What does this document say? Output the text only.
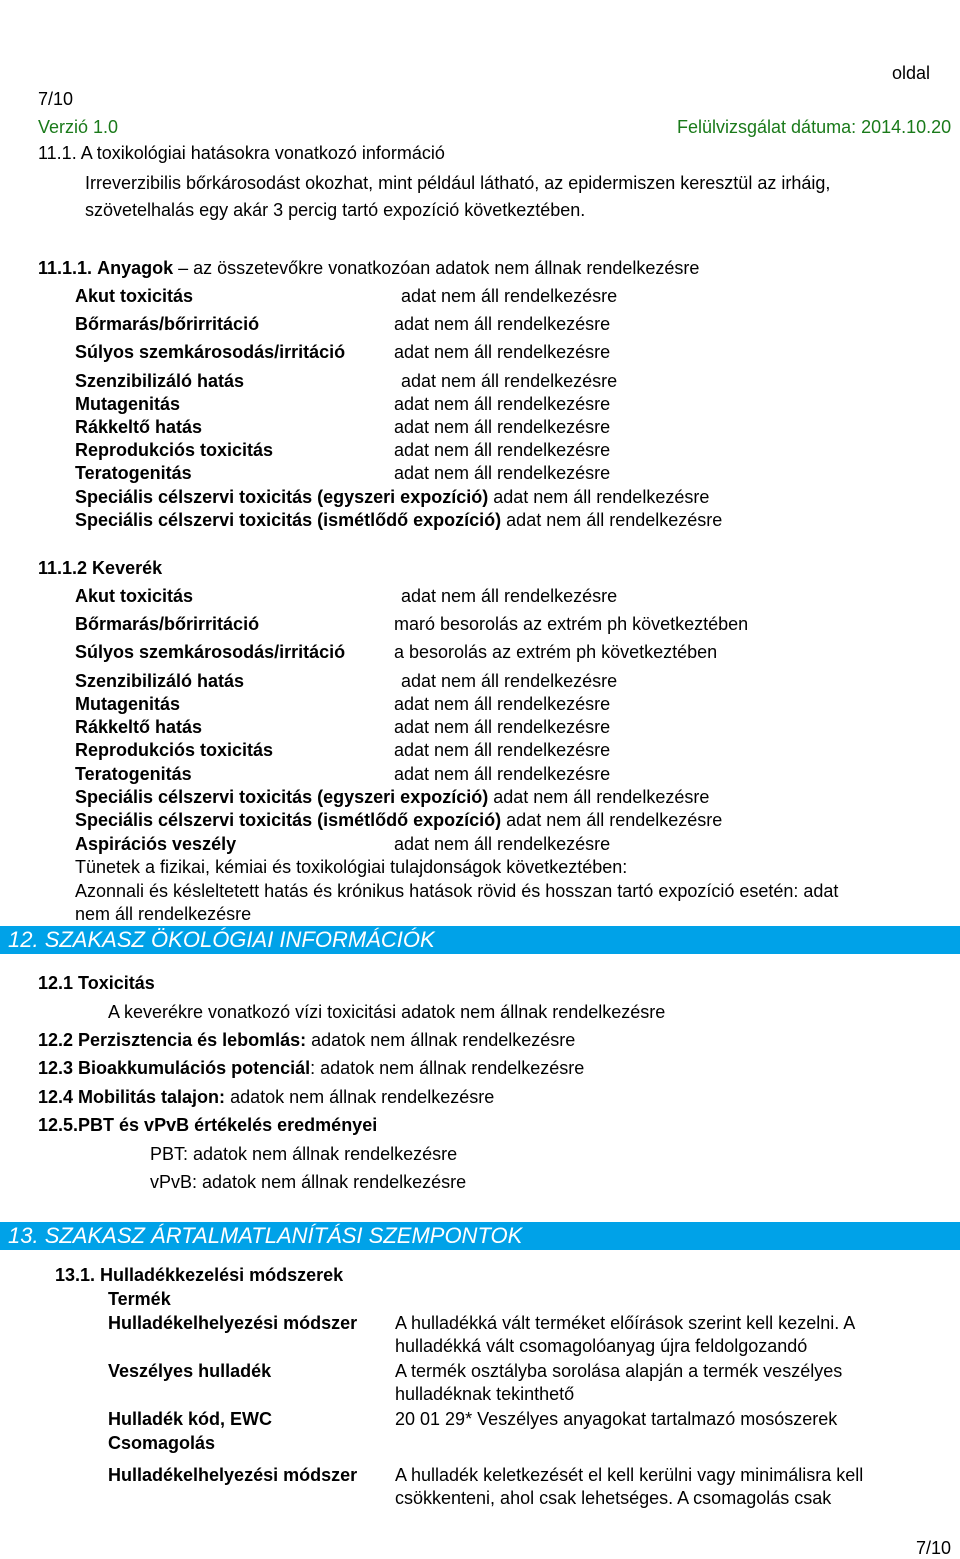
Biztonsági adatlap	domol Urinstein- und Kalklöser
oldal
7/10
Verzió 1.0	Felülvizsgálat dátuma: 2014.10.20
11.1. A toxikológiai hatásokra vonatkozó információ
Irreverzibilis bőrkárosodást okozhat, mint például látható, az epidermiszen keresztül az irháig,
szövetelhalás egy akár 3 percig tartó expozíció következtében.
11.1.1. Anyagok – az összetevőkre vonatkozóan adatok nem állnak rendelkezésre
Akut toxicitás	adat nem áll rendelkezésre
Bőrmarás/bőrirritáció	adat nem áll rendelkezésre
Súlyos szemkárosodás/irritáció	adat nem áll rendelkezésre
Szenzibilizáló hatás	adat nem áll rendelkezésre
Mutagenitás	adat nem áll rendelkezésre
Rákkeltő hatás	adat nem áll rendelkezésre
Reprodukciós toxicitás	adat nem áll rendelkezésre
Teratogenitás	adat nem áll rendelkezésre
Speciális célszervi toxicitás (egyszeri expozíció) adat nem áll rendelkezésre
Speciális célszervi toxicitás (ismétlődő expozíció) adat nem áll rendelkezésre
11.1.2 Keverék
Akut toxicitás	adat nem áll rendelkezésre
Bőrmarás/bőrirritáció	maró besorolás az extrém ph következtében
Súlyos szemkárosodás/irritáció	a besorolás az extrém ph következtében
Szenzibilizáló hatás	adat nem áll rendelkezésre
Mutagenitás	adat nem áll rendelkezésre
Rákkeltő hatás	adat nem áll rendelkezésre
Reprodukciós toxicitás	adat nem áll rendelkezésre
Teratogenitás	adat nem áll rendelkezésre
Speciális célszervi toxicitás (egyszeri expozíció) adat nem áll rendelkezésre
Speciális célszervi toxicitás (ismétlődő expozíció) adat nem áll rendelkezésre
Aspirációs veszély	adat nem áll rendelkezésre
Tünetek a fizikai, kémiai és toxikológiai tulajdonságok következtében:
Azonnali és késleltetett hatás és krónikus hatások rövid és hosszan tartó expozíció esetén: adat
nem áll rendelkezésre
12. SZAKASZ ÖKOLÓGIAI INFORMÁCIÓK
12.1 Toxicitás
A keverékre vonatkozó vízi toxicitási adatok nem állnak rendelkezésre
12.2 Perzisztencia és lebomlás: adatok nem állnak rendelkezésre
12.3 Bioakkumulációs potenciál: adatok nem állnak rendelkezésre
12.4 Mobilitás talajon: adatok nem állnak rendelkezésre
12.5.PBT és vPvB értékelés eredményei
PBT: adatok nem állnak rendelkezésre
vPvB: adatok nem állnak rendelkezésre
13. SZAKASZ ÁRTALMATLANÍTÁSI SZEMPONTOK
13.1. Hulladékkezelési módszerek
Termék
Hulladékelhelyezési módszer A hulladékká vált terméket előírások szerint kell kezelni. A
hulladékká vált csomagolóanyag újra feldolgozandó
Veszélyes hulladék	A termék osztályba sorolása alapján a termék veszélyes
hulladéknak tekinthető
Hulladék kód, EWC	20 01 29* Veszélyes anyagokat tartalmazó mosószerek
Csomagolás
Hulladékelhelyezési módszer A hulladék keletkezését el kell kerülni vagy minimálisra kell
csökkenteni, ahol csak lehetséges. A csomagolás csak
7/10
